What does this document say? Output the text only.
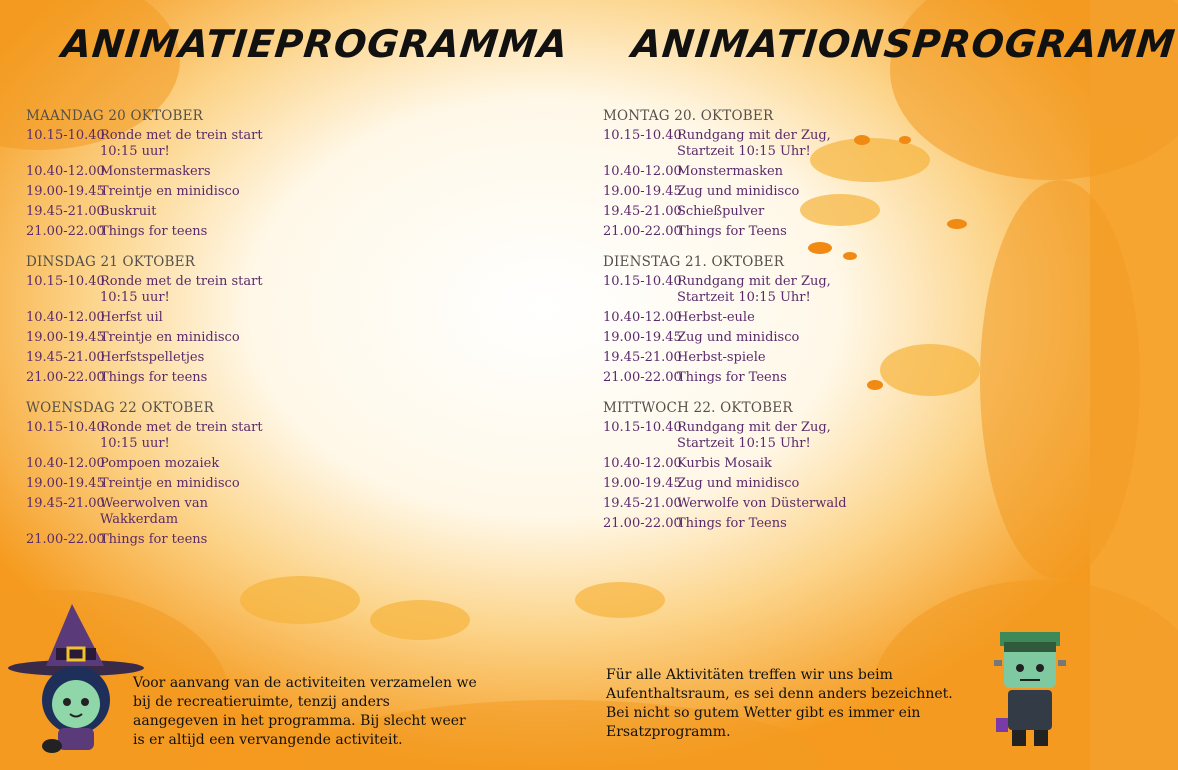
ANIMATIEPROGRAMMA ANIMATIONSPROGRAMM
MAANDAG 20 OKTOBER
10.15-10.40
Ronde met de trein start 10:15 uur!
10.40-12.00
Monstermaskers
19.00-19.45
Treintje en minidisco
19.45-21.00
Buskruit
21.00-22.00
Things for teens
DINSDAG 21 OKTOBER
10.15-10.40
Ronde met de trein start 10:15 uur!
10.40-12.00
Herfst uil
19.00-19.45
Treintje en minidisco
19.45-21.00
Herfstspelletjes
21.00-22.00
Things for teens
WOENSDAG 22 OKTOBER
10.15-10.40
Ronde met de trein start 10:15 uur!
10.40-12.00
Pompoen mozaiek
19.00-19.45
Treintje en minidisco
19.45-21.00
Weerwolven van Wakkerdam
21.00-22.00
Things for teens
MONTAG 20. OKTOBER
10.15-10.40
Rundgang mit der Zug, Startzeit 10:15 Uhr!
10.40-12.00
Monstermasken
19.00-19.45
Zug und minidisco
19.45-21.00
Schießpulver
21.00-22.00
Things for Teens
DIENSTAG 21. OKTOBER
10.15-10.40
Rundgang mit der Zug, Startzeit 10:15 Uhr!
10.40-12.00
Herbst-eule
19.00-19.45
Zug und minidisco
19.45-21.00
Herbst-spiele
21.00-22.00
Things for Teens
MITTWOCH 22. OKTOBER
10.15-10.40
Rundgang mit der Zug, Startzeit 10:15 Uhr!
10.40-12.00
Kurbis Mosaik
19.00-19.45
Zug und minidisco
19.45-21.00
Werwolfe von Düsterwald
21.00-22.00
Things for Teens
Voor aanvang van de activiteiten verzamelen we bij de recreatieruimte, tenzij anders aangegeven in het programma. Bij slecht weer is er altijd een vervangende activiteit.
Für alle Aktivitäten treffen wir uns beim Aufenthaltsraum, es sei denn anders bezeichnet. Bei nicht so gutem Wetter gibt es immer ein Ersatzprogramm.
